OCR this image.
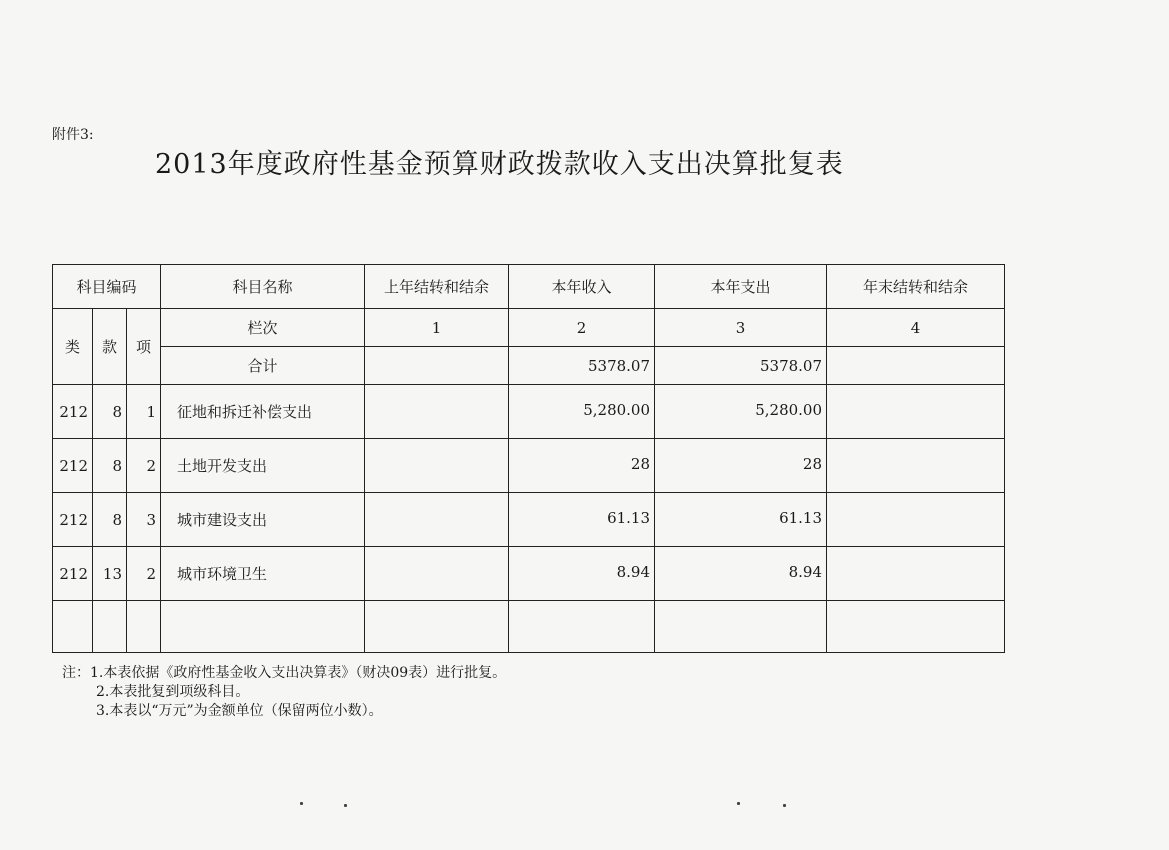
附件3:
2013年度政府性基金预算财政拨款收入支出决算批复表
科目编码			科目名称	上年结转和结余	本年收入	本年支出	年末结转和结余
类	款	项	栏次	1	2	3	4
			合计		5378.07	5378.07	
212	8	1	征地和拆迁补偿支出		5,280.00	5,280.00	
212	8	2	土地开发支出		28	28	
212	8	3	城市建设支出		61.13	61.13	
212	13	2	城市环境卫生		8.94	8.94	

注：1.本表依据《政府性基金收入支出决算表》（财决09表）进行批复。
2.本表批复到项级科目。
3.本表以“万元”为金额单位（保留两位小数）。
